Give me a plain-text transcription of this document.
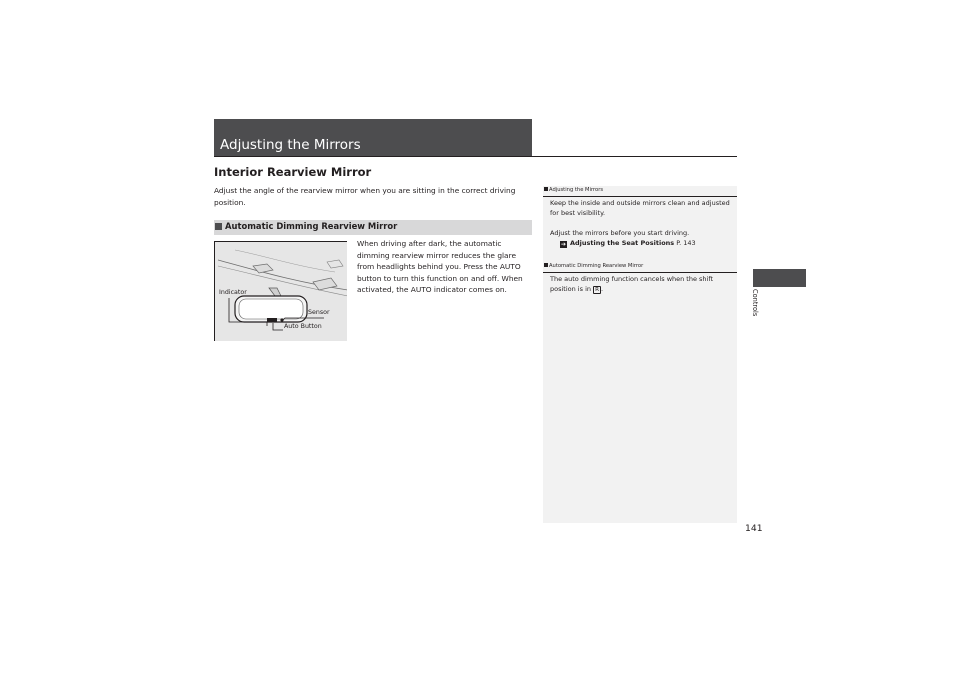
Adjusting the Mirrors
Interior Rearview Mirror
Adjust the angle of the rearview mirror when you are sitting in the correct driving position.
Automatic Dimming Rearview Mirror
Indicator
Sensor
Auto Button
When driving after dark, the automatic dimming rearview mirror reduces the glare from headlights behind you. Press the AUTO button to turn this function on and off. When activated, the AUTO indicator comes on.
Adjusting the Mirrors
Keep the inside and outside mirrors clean and adjusted for best visibility.
Adjust the mirrors before you start driving.
➔ Adjusting the Seat Positions P. 143
Automatic Dimming Rearview Mirror
The auto dimming function cancels when the shift position is in R .	Controls
141
